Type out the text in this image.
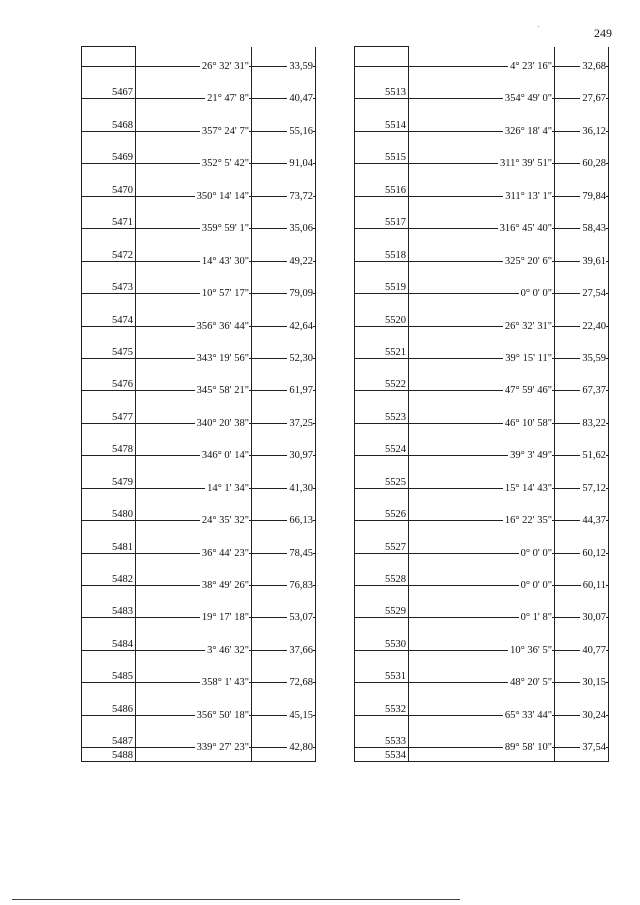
249

	26° 32' 31"	33,59

5467	21° 47' 8"	40,47

5468	357° 24' 7"	55,16

5469	352° 5' 42"	91,04

5470	350° 14' 14"	73,72

5471	359° 59' 1"	35,06

5472	14° 43' 30"	49,22

5473	10° 57' 17"	79,09

5474	356° 36' 44"	42,64

5475	343° 19' 56"	52,30

5476	345° 58' 21"	61,97

5477	340° 20' 38"	37,25

5478	346° 0' 14"	30,97

5479	14° 1' 34"	41,30

5480	24° 35' 32"	66,13

5481	36° 44' 23"	78,45

5482	38° 49' 26"	76,83

5483	19° 17' 18"	53,07

5484	3° 46' 32"	37,66

5485	358° 1' 43"	72,68

5486	356° 50' 18"	45,15

5487	339° 27' 23"	42,80

5488	

	4° 23' 16"	32,68

5513	354° 49' 0"	27,67

5514	326° 18' 4"	36,12

5515	311° 39' 51"	60,28

5516	311° 13' 1"	79,84

5517	316° 45' 40"	58,43

5518	325° 20' 6"	39,61

5519	0° 0' 0"	27,54

5520	26° 32' 31"	22,40

5521	39° 15' 11"	35,59

5522	47° 59' 46"	67,37

5523	46° 10' 58"	83,22

5524	39° 3' 49"	51,62

5525	15° 14' 43"	57,12

5526	16° 22' 35"	44,37

5527	0° 0' 0"	60,12

5528	0° 0' 0"	60,11

5529	0° 1' 8"	30,07

5530	10° 36' 5"	40,77

5531	48° 20' 5"	30,15

5532	65° 33' 44"	30,24

5533	89° 58' 10"	37,54

5534	
